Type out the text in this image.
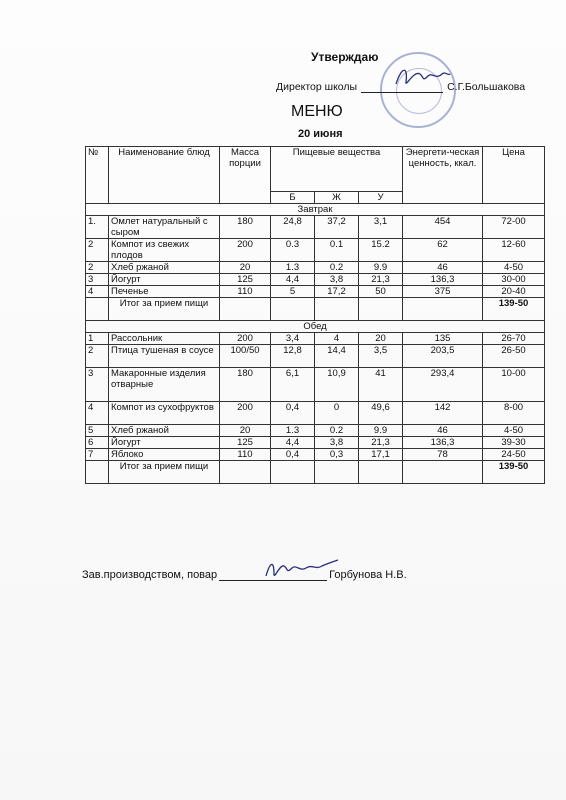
Утверждаю

Директор школы	С.Г.Большакова
МЕНЮ
20 июня
№	Наименование блюд	Масса порции	Пищевые вещества			Энергети-ческая ценность, ккал.	Цена
			Б	Ж	У		
Завтрак							
1.	Омлет натуральный с сыром	180	24,8	37,2	3,1	454	72-00
2	Компот из свежих плодов	200	0.3	0.1	15.2	62	12-60
2	Хлеб ржаной	20	1.3	0.2	9.9	46	4-50
3	Йогурт	125	4,4	3,8	21,3	136,3	30-00
4	Печенье	110	5	17,2	50	375	20-40
	Итог за прием пищи						139-50
Обед							
1	Рассольник	200	3,4	4	20	135	26-70
2	Птица тушеная в соусе	100/50	12,8	14,4	3,5	203,5	26-50
3	Макаронные изделия отварные	180	6,1	10,9	41	293,4	10-00
4	Компот из сухофруктов	200	0,4	0	49,6	142	8-00
5	Хлеб ржаной	20	1.3	0.2	9.9	46	4-50
6	Йогурт	125	4,4	3,8	21,3	136,3	39-30
7	Яблоко	110	0,4	0,3	17,1	78	24-50
	Итог за прием пищи						139-50
Зав.производством, повар	Горбунова Н.В.
